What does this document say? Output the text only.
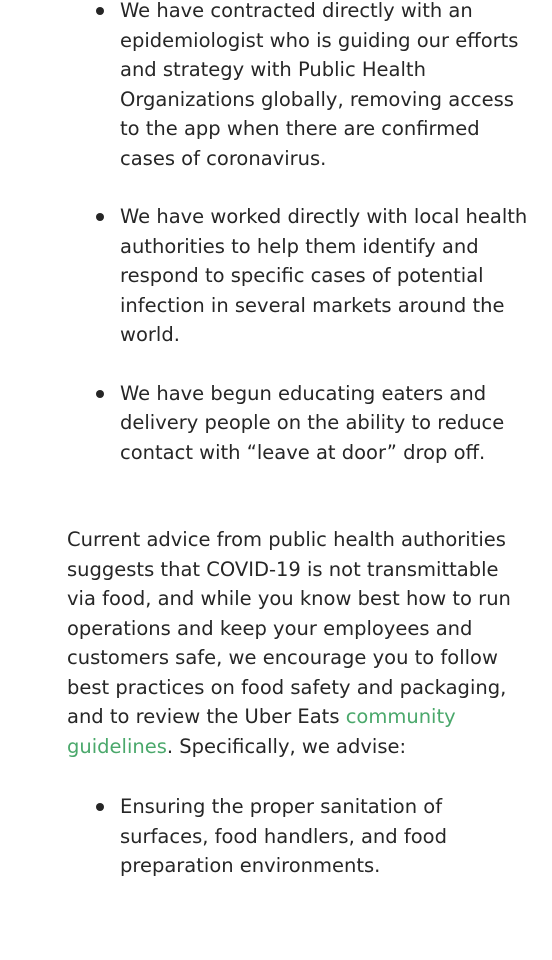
We have contracted directly with an epidemiologist who is guiding our efforts and strategy with Public Health Organizations globally, removing access to the app when there are confirmed cases of coronavirus.
We have worked directly with local health authorities to help them identify and respond to specific cases of potential infection in several markets around the world.
We have begun educating eaters and delivery people on the ability to reduce contact with “leave at door” drop off.

Current advice from public health authorities suggests that COVID-19 is not transmittable via food, and while you know best how to run operations and keep your employees and customers safe, we encourage you to follow best practices on food safety and packaging, and to review the Uber Eats community guidelines. Specifically, we advise:

Ensuring the proper sanitation of surfaces, food handlers, and food preparation environments.
